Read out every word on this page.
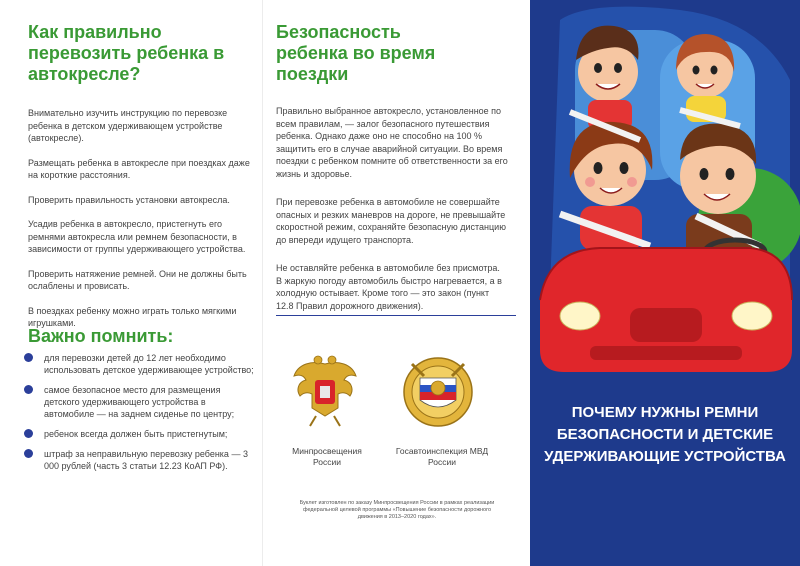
Как правильно перевозить ребенка в автокресле?
Внимательно изучить инструкцию по перевозке ребенка в детском удерживающем устройстве (автокресле).
Размещать ребенка в автокресле при поездках даже на короткие расстояния.
Проверить правильность установки автокресла.
Усадив ребенка в автокресло, пристегнуть его ремнями автокресла или ремнем безопасности, в зависимости от группы удерживающего устройства.
Проверить натяжение ремней. Они не должны быть ослаблены и провисать.
В поездках ребенку можно играть только мягкими игрушками.
Важно помнить:
для перевозки детей до 12 лет необходимо использовать детское удерживающее устройство;
самое безопасное место для размещения детского удерживающего устройства в автомобиле — на заднем сиденье по центру;
ребенок всегда должен быть пристегнутым;
штраф за неправильную перевозку ребенка — 3 000 рублей (часть 3 статьи 12.23 КоАП РФ).
Безопасность ребенка во время поездки
Правильно выбранное автокресло, установленное по всем правилам, — залог безопасного путешествия ребенка. Однако даже оно не способно на 100 % защитить его в случае аварийной ситуации. Во время поездки с ребенком помните об ответственности за его жизнь и здоровье.
При перевозке ребенка в автомобиле не совершайте опасных и резких маневров на дороге, не превышайте скоростной режим, сохраняйте безопасную дистанцию до впереди идущего транспорта.
Не оставляйте ребенка в автомобиле без присмотра. В жаркую погоду автомобиль быстро нагревается, а в холодную остывает. Кроме того — это закон (пункт 12.8 Правил дорожного движения).
Минпросвещения России
Госавтоинспекция МВД России
Буклет изготовлен по заказу Минпросвещения России в рамках реализации федеральной целевой программы «Повышение безопасности дорожного движения в 2013–2020 годах».
ПОЧЕМУ НУЖНЫ РЕМНИ БЕЗОПАСНОСТИ И ДЕТСКИЕ УДЕРЖИВАЮЩИЕ УСТРОЙСТВА
